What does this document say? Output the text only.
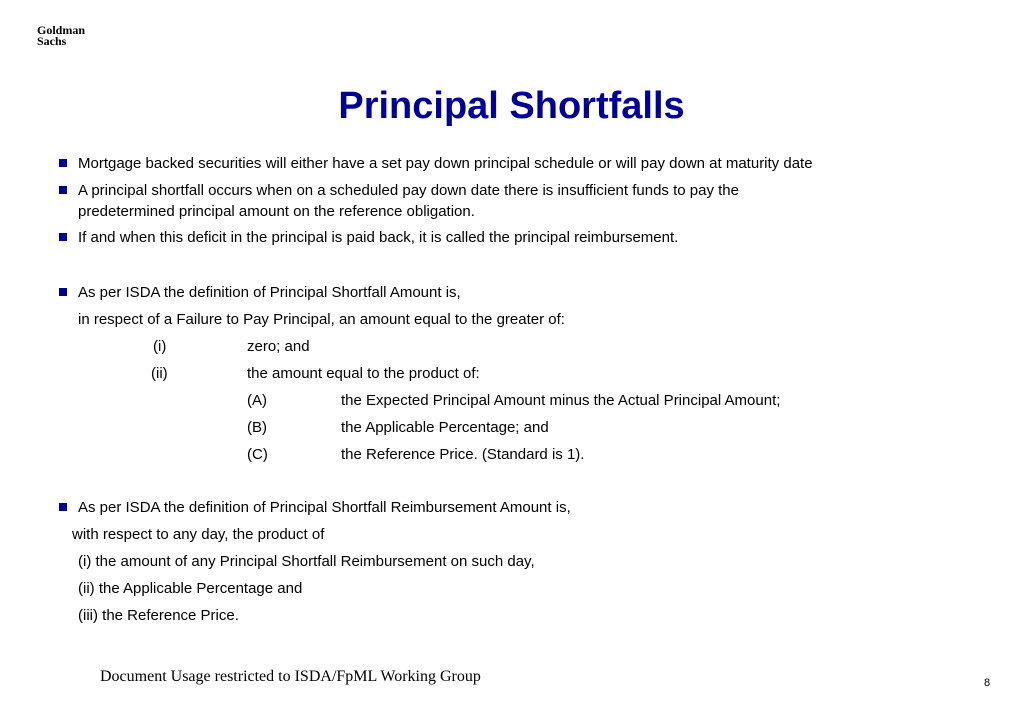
Goldman
Sachs
Principal Shortfalls
Mortgage backed securities will either have a set pay down principal schedule or will pay down at maturity date
A principal shortfall occurs when on a scheduled pay down date there is insufficient funds to pay the
predetermined principal amount on the reference obligation.
If and when this deficit in the principal is paid back, it is called the principal reimbursement.
As per ISDA the definition of Principal Shortfall Amount is,
in respect of a Failure to Pay Principal, an amount equal to the greater of:
(i)	zero; and
(ii)	the amount equal to the product of:
(A)	the Expected Principal Amount minus the Actual Principal Amount;
(B)	the Applicable Percentage; and
(C)	the Reference Price. (Standard is 1).
As per ISDA the definition of Principal Shortfall Reimbursement Amount is,
with respect to any day, the product of
(i) the amount of any Principal Shortfall Reimbursement on such day,
(ii) the Applicable Percentage and
(iii) the Reference Price.
Document Usage restricted to ISDA/FpML Working Group	8
